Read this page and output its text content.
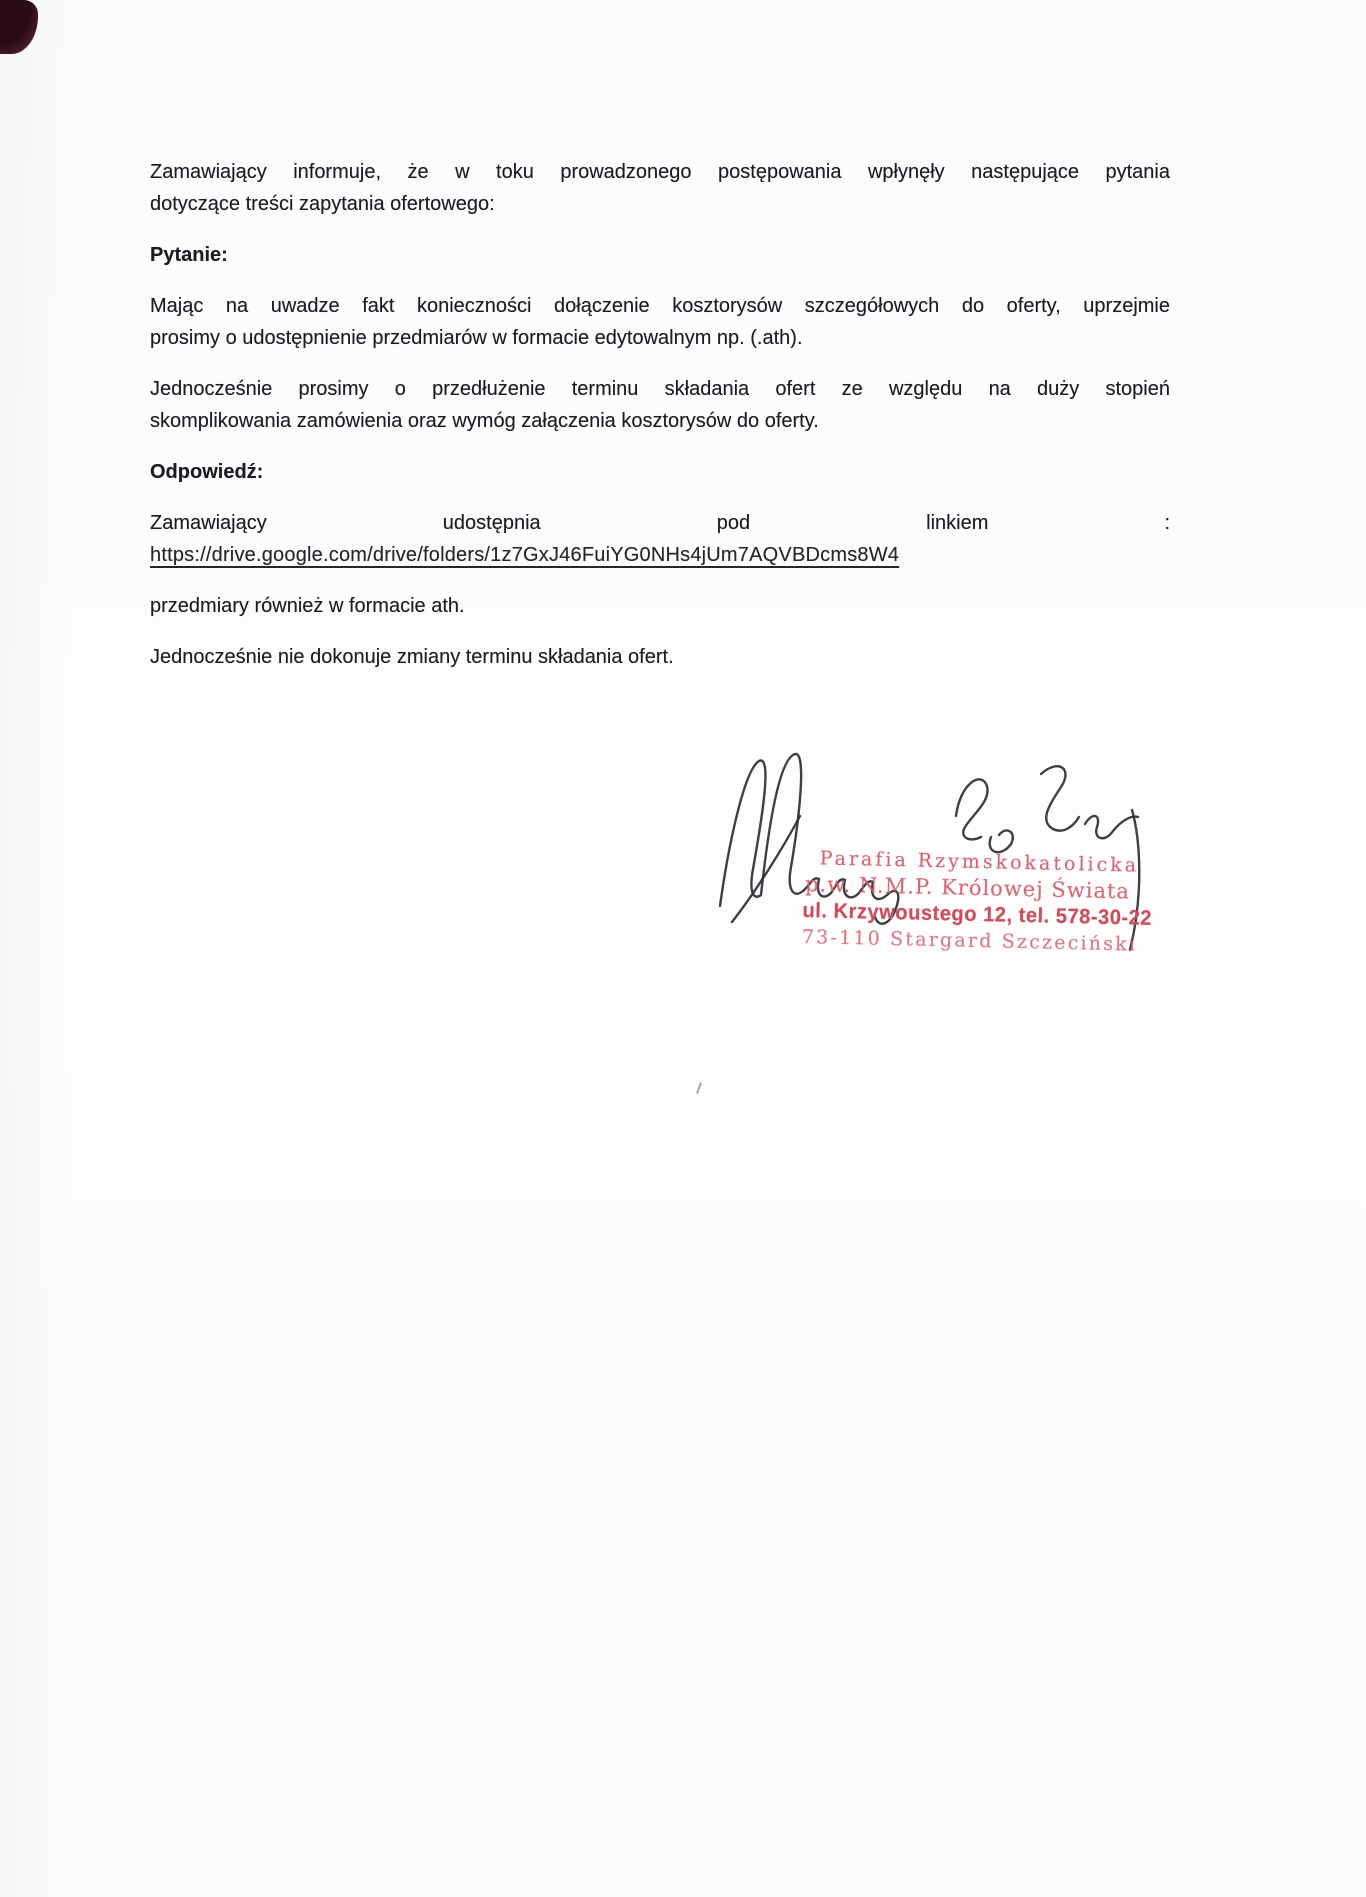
Zamawiający informuje, że w toku prowadzonego postępowania wpłynęły następujące pytania
dotyczące treści zapytania ofertowego:

Pytanie:

Mając na uwadze fakt konieczności dołączenie kosztorysów szczegółowych do oferty, uprzejmie
prosimy o udostępnienie przedmiarów w formacie edytowalnym np. (.ath).

Jednocześnie prosimy o przedłużenie terminu składania ofert ze względu na duży stopień
skomplikowania zamówienia oraz wymóg załączenia kosztorysów do oferty.

Odpowiedź:

Zamawiający udostępnia pod linkiem :
https://drive.google.com/drive/folders/1z7GxJ46FuiYG0NHs4jUm7AQVBDcms8W4

przedmiary również w formacie ath.

Jednocześnie nie dokonuje zmiany terminu składania ofert.

Parafia Rzymskokatolicka
p.w. N.M.P. Królowej Świata
ul. Krzywoustego 12, tel. 578-30-22
73-110 Stargard Szczeciński
